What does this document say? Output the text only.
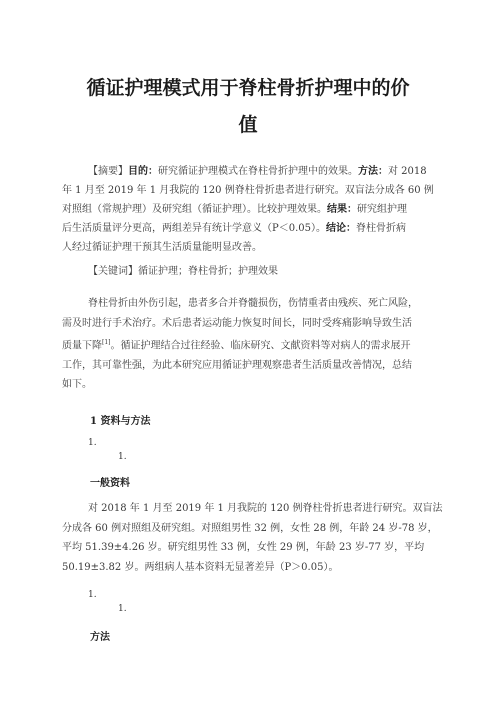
循证护理模式用于脊柱骨折护理中的价
值
【摘要】目的：研究循证护理模式在脊柱骨折护理中的效果。方法：对 2018
年 1 月至 2019 年 1 月我院的 120 例脊柱骨折患者进行研究。双盲法分成各 60 例
对照组（常规护理）及研究组（循证护理）。比较护理效果。结果：研究组护理
后生活质量评分更高，两组差异有统计学意义（P＜0.05）。结论：脊柱骨折病
人经过循证护理干预其生活质量能明显改善。
【关键词】循证护理；脊柱骨折；护理效果
脊柱骨折由外伤引起，患者多合并脊髓损伤，伤情重者由残疾、死亡风险，
需及时进行手术治疗。术后患者运动能力恢复时间长，同时受疼痛影响导致生活
质量下降[1]。循证护理结合过往经验、临床研究、文献资料等对病人的需求展开
工作，其可靠性强，为此本研究应用循证护理观察患者生活质量改善情况，总结
如下。
1 资料与方法
1.
1.
一般资料
对 2018 年 1 月至 2019 年 1 月我院的 120 例脊柱骨折患者进行研究。双盲法
分成各 60 例对照组及研究组。对照组男性 32 例，女性 28 例，年龄 24 岁-78 岁，
平均 51.39±4.26 岁。研究组男性 33 例，女性 29 例，年龄 23 岁-77 岁，平均
50.19±3.82 岁。两组病人基本资料无显著差异（P＞0.05）。
1.
1.
方法
